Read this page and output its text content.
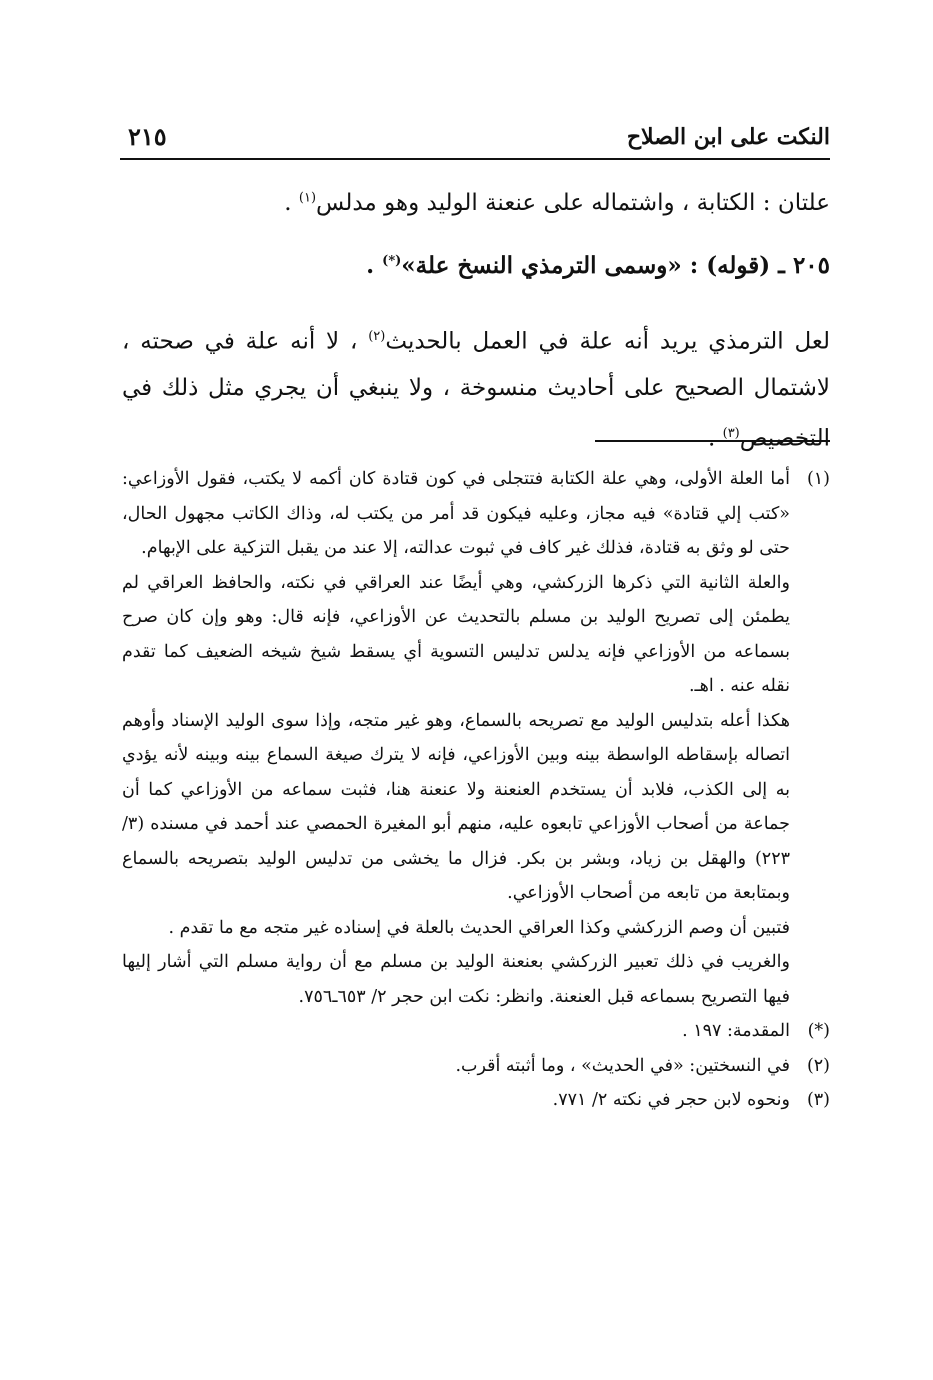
النكت على ابن الصلاح
٢١٥
علتان : الكتابة ، واشتماله على عنعنة الوليد وهو مدلس$^{(١)}$ .
٢٠٥ ـ (قوله) : «وسمى الترمذي النسخ علة»(*) .
لعل الترمذي يريد أنه علة في العمل بالحديث$^{(٢)}$ ، لا أنه علة في صحته ، لاشتمال الصحيح على أحاديث منسوخة ، ولا ينبغي أن يجري مثل ذلك في التخصيص$^{(٣)}$ .
(١)

أما العلة الأولى، وهي علة الكتابة فتتجلى في كون قتادة كان أكمه لا يكتب، فقول الأوزاعي: «كتب إلي قتادة» فيه مجاز، وعليه فيكون قد أمر من يكتب له، وذاك الكاتب مجهول الحال، حتى لو وثق به قتادة، فذلك غير كاف في ثبوت عدالته، إلا عند من يقبل التزكية على الإبهام.

والعلة الثانية التي ذكرها الزركشي، وهي أيضًا عند العراقي في نكته، والحافظ العراقي لم يطمئن إلى تصريح الوليد بن مسلم بالتحديث عن الأوزاعي، فإنه قال: وهو وإن كان صرح بسماعه من الأوزاعي فإنه يدلس تدليس التسوية أي يسقط شيخ شيخه الضعيف كما تقدم نقله عنه . اهـ.

هكذا أعله بتدليس الوليد مع تصريحه بالسماع، وهو غير متجه، وإذا سوى الوليد الإسناد وأوهم اتصاله بإسقاطه الواسطة بينه وبين الأوزاعي، فإنه لا يترك صيغة السماع بينه وبينه لأنه يؤدي به إلى الكذب، فلابد أن يستخدم العنعنة ولا عنعنة هنا، فثبت سماعه من الأوزاعي كما أن جماعة من أصحاب الأوزاعي تابعوه عليه، منهم أبو المغيرة الحمصي عند أحمد في مسنده (٣/ ٢٢٣) والهقل بن زياد، وبشر بن بكر. فزال ما يخشى من تدليس الوليد بتصريحه بالسماع وبمتابعة من تابعه من أصحاب الأوزاعي.

فتبين أن وصم الزركشي وكذا العراقي الحديث بالعلة في إسناده غير متجه مع ما تقدم .

والغريب في ذلك تعبير الزركشي بعنعنة الوليد بن مسلم مع أن رواية مسلم التي أشار إليها فيها التصريح بسماعه قبل العنعنة. وانظر: نكت ابن حجر ٢/ ٦٥٣ـ٧٥٦.

(*)
المقدمة: ١٩٧ .
(٢)
في النسختين: «في الحديث» ، وما أثبته أقرب.
(٣)
ونحوه لابن حجر في نكته ٢/ ٧٧١.
